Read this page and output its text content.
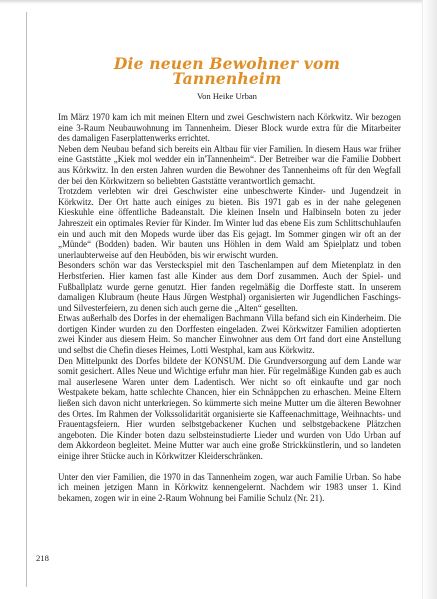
Die neuen Bewohner vom
Tannenheim
Von Heike Urban

Im März 1970 kam ich mit meinen Eltern und zwei Geschwistern nach Körkwitz. Wir bezogen eine 3-Raum Neubauwohnung im Tannenheim. Dieser Block wurde extra für die Mitarbeiter des damaligen Faserplattenwerks errichtet.

Neben dem Neubau befand sich bereits ein Altbau für vier Familien. In diesem Haus war früher eine Gaststätte „Kiek mol wedder ein in'Tannenheim“. Der Betreiber war die Familie Dobbert aus Körkwitz. In den ersten Jahren wurden die Bewohner des Tannenheims oft für den Wegfall der bei den Körkwitzern so beliebten Gaststätte verantwortlich gemacht.

Trotzdem verlebten wir drei Geschwister eine unbeschwerte Kinder- und Jugendzeit in Körkwitz. Der Ort hatte auch einiges zu bieten. Bis 1971 gab es in der nahe gelegenen Kieskuhle eine öffentliche Badeanstalt. Die kleinen Inseln und Halbinseln boten zu jeder Jahreszeit ein optimales Revier für Kinder. Im Winter lud das ebene Eis zum Schlittschuhlaufen ein und auch mit den Mopeds wurde über das Eis gejagt. Im Sommer gingen wir oft an der „Münde“ (Bodden) baden. Wir bauten uns Höhlen in dem Wald am Spielplatz und toben unerlaubterweise auf den Heuböden, bis wir erwischt wurden.

Besonders schön war das Versteckspiel mit den Taschenlampen auf dem Mietenplatz in den Herbstferien. Hier kamen fast alle Kinder aus dem Dorf zusammen. Auch der Spiel- und Fußballplatz wurde gerne genutzt. Hier fanden regelmäßig die Dorffeste statt. In unserem damaligen Klubraum (heute Haus Jürgen Westphal) organisierten wir Jugendlichen Faschings- und Silvesterfeiern, zu denen sich auch gerne die „Alten“ gesellten.

Etwas außerhalb des Dorfes in der ehemaligen Bachmann Villa befand sich ein Kinderheim. Die dortigen Kinder wurden zu den Dorffesten eingeladen. Zwei Körkwitzer Familien adoptierten zwei Kinder aus diesem Heim. So mancher Einwohner aus dem Ort fand dort eine Anstellung und selbst die Chefin dieses Heimes, Lotti Westphal, kam aus Körkwitz.

Den Mittelpunkt des Dorfes bildete der KONSUM. Die Grundversorgung auf dem Lande war somit gesichert. Alles Neue und Wichtige erfuhr man hier. Für regelmäßige Kunden gab es auch mal auserlesene Waren unter dem Ladentisch. Wer nicht so oft einkaufte und gar noch Westpakete bekam, hatte schlechte Chancen, hier ein Schnäppchen zu erhaschen. Meine Eltern ließen sich davon nicht unterkriegen. So kümmerte sich meine Mutter um die älteren Bewohner des Ortes. Im Rahmen der Volkssolidarität organisierte sie Kaffeenachmittage, Weihnachts- und Frauentagsfeiern. Hier wurden selbstgebackener Kuchen und selbstgebackene Plätzchen angeboten. Die Kinder boten dazu selbsteinstudierte Lieder und wurden von Udo Urban auf dem Akkordeon begleitet. Meine Mutter war auch eine große Strickkünstlerin, und so landeten einige ihrer Stücke auch in Körkwitzer Kleiderschränken.

Unter den vier Familien, die 1970 in das Tannenheim zogen, war auch Familie Urban. So habe ich meinen jetzigen Mann in Körkwitz kennengelernt. Nachdem wir 1983 unser 1. Kind bekamen, zogen wir in eine 2-Raum Wohnung bei Familie Schulz (Nr. 21).

218
